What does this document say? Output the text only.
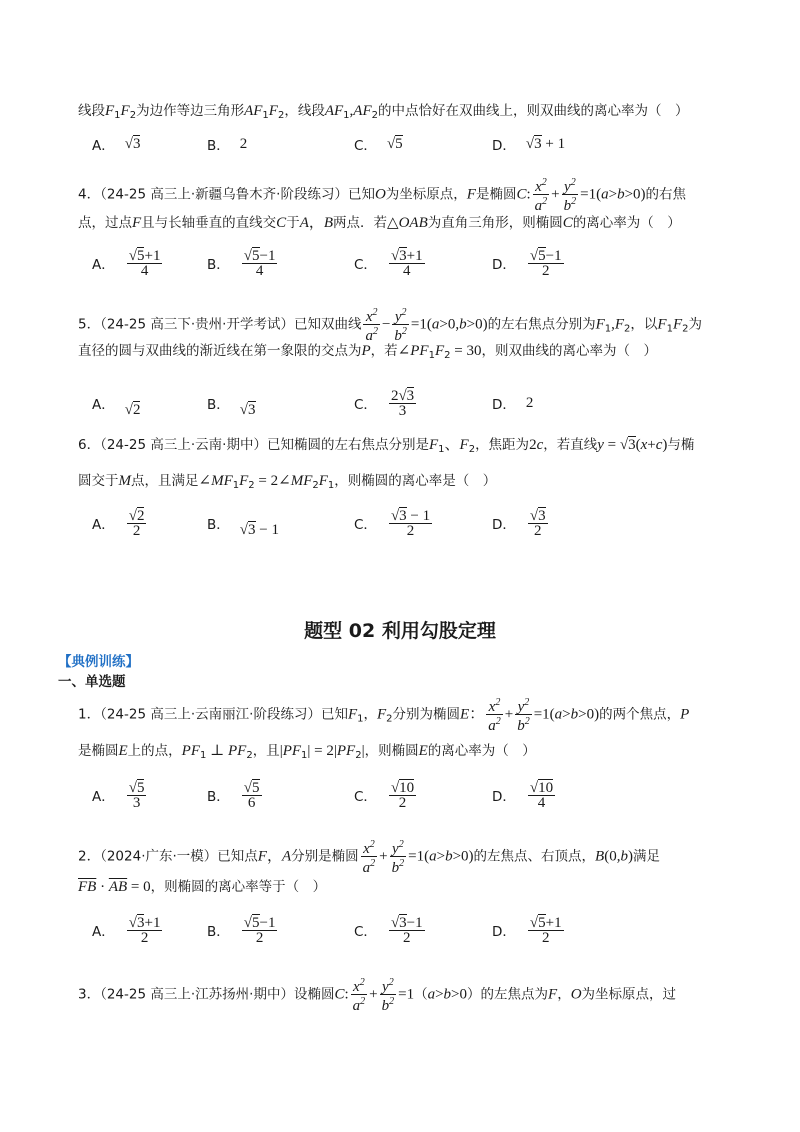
线段$F_1F_2$为边作等边三角形$AF_1F_2$，线段$AF_1,AF_2$的中点恰好在双曲线上，则双曲线的离心率为（　）
A． √3	B． 2	C． √5	D． √3 + 1
4．（24-25 高三上·新疆乌鲁木齐·阶段练习）已知O为坐标原点，F是椭圆C: $\frac{x^2}{a^2} + \frac{y^2}{b^2} =1(a>b>0)$的右焦
点，过点F且与长轴垂直的直线交C于A，B两点．若△OAB为直角三角形，则椭圆C的离心率为（　）
A． $\frac{√5+1}{4}$	B． $\frac{√5-1}{4}$	C． $\frac{√3+1}{4}$	D． $\frac{√5-1}{2}$
5．（24-25 高三下·贵州·开学考试）已知双曲线 $\frac{x^2}{a^2} - \frac{y^2}{b^2} =1(a>0,b>0)$的左右焦点分别为$F_1,F_2$，以$F_1F_2$为
直径的圆与双曲线的渐近线在第一象限的交点为P，若$\angle PF_1F_2 = 30$，则双曲线的离心率为（　）
A． √2	B． √3	C． $\frac{2√3}{3}$	D． 2
6．（24-25 高三上·云南·期中）已知椭圆的左右焦点分别是$F_1$、$F_2$，焦距为2c，若直线y = √3(x+c)与椭
圆交于M点，且满足$\angle MF_1F_2$ = $2\angle MF_2F_1$，则椭圆的离心率是（　）
A． $\frac{√2}{2}$	B． √3 − 1	C． $\frac{√3 - 1}{2}$	D． $\frac{√3}{2}$
题型 02 利用勾股定理
【典例训练】
一、单选题
1．（24-25 高三上·云南丽江·阶段练习）已知$F_1$，$F_2$分别为椭圆E： $\frac{x^2}{a^2} + \frac{y^2}{b^2} =1(a>b>0)$的两个焦点，P
是椭圆E上的点，$PF_1$ ⊥ $PF_2$，且$|PF_1| = 2|PF_2|$，则椭圆E的离心率为（　）
A． $\frac{√5}{3}$	B． $\frac{√5}{6}$	C． $\frac{√10}{2}$	D． $\frac{√10}{4}$
2．（2024·广东·一模）已知点F，A分别是椭圆 $\frac{x^2}{a^2} + \frac{y^2}{b^2} =1(a>b>0)$的左焦点、右顶点，B(0,b)满足
$\overline{FB} \cdot \overline{AB} = 0$，则椭圆的离心率等于（　）
A． $\frac{√3+1}{2}$	B． $\frac{√5-1}{2}$	C． $\frac{√3-1}{2}$	D． $\frac{√5+1}{2}$
3．（24-25 高三上·江苏扬州·期中）设椭圆C: $\frac{x^2}{a^2} + \frac{y^2}{b^2} =1(a>b>0)$的左焦点为F，O为坐标原点，过
